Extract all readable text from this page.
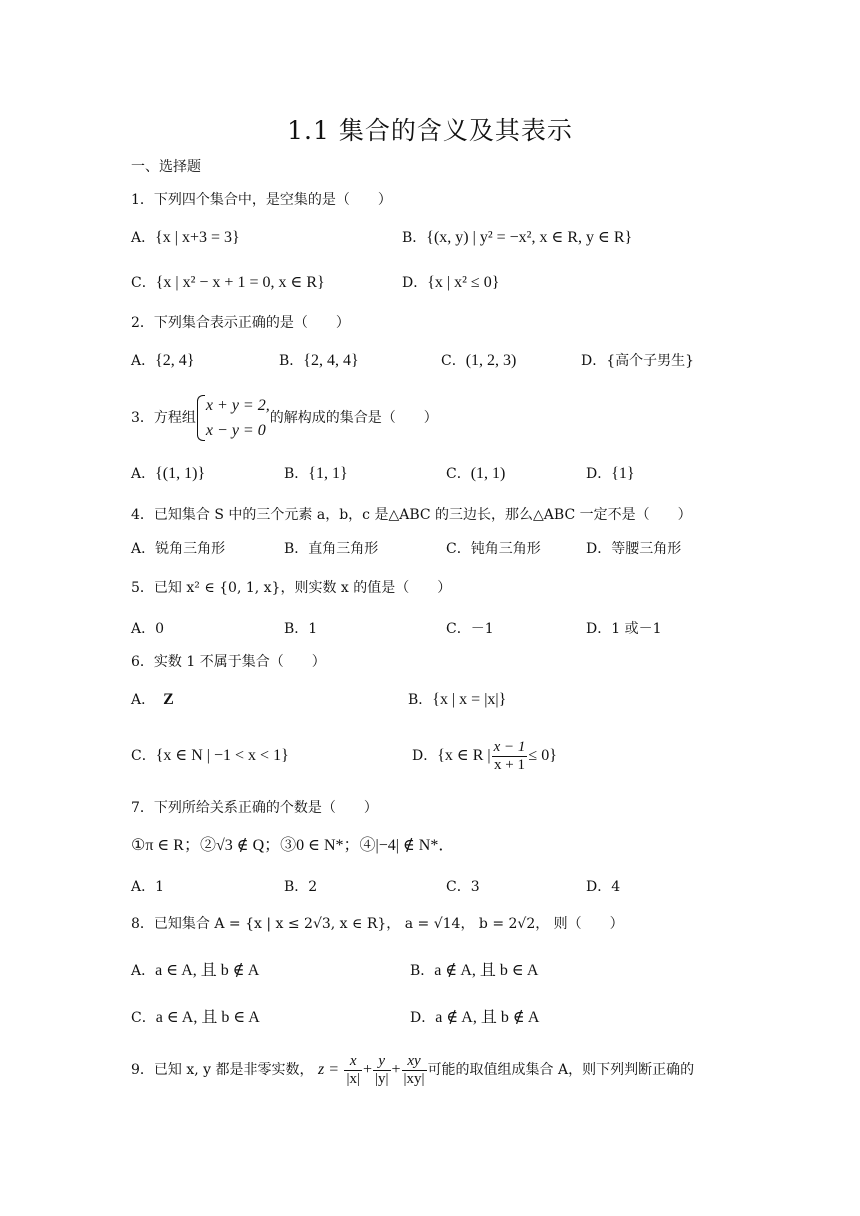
1.1 集合的含义及其表示
一、选择题
1．下列四个集合中，是空集的是（　　）
A．{x | x+3 = 3}	B．{(x, y) | y² = −x², x ∈ R, y ∈ R}
C．{x | x² − x + 1 = 0, x ∈ R}	D．{x | x² ≤ 0}
2．下列集合表示正确的是（　　）
A．{2, 4}	B．{2, 4, 4}	C．(1, 2, 3)	D．{高个子男生}
3．方程组
x + y = 2,
x − y = 0
的解构成的集合是（　　）
A．{(1, 1)}	B．{1, 1}	C．(1, 1)	D．{1}
4．已知集合 S 中的三个元素 a，b，c 是△ABC 的三边长，那么△ABC 一定不是（　　）
A．锐角三角形	B．直角三角形	C．钝角三角形	D．等腰三角形
5．已知 x² ∈ {0, 1, x}，则实数 x 的值是（　　）
A．0	B．1	C．－1	D．1 或－1
6．实数 1 不属于集合（　　）
A． Z	B．{x | x = |x|}
C．{x ∈ N | −1 < x < 1}	D．{x ∈ R | $\frac{x - 1}{x + 1} \le 0$}
7．下列所给关系正确的个数是（　　）
①π ∈ R；②√3 ∉ Q；③0 ∈ N*；④|−4| ∉ N*．
A．1	B．2	C．3	D．4
8．已知集合 A = {x | x ≤ 2√3, x ∈ R}， a = √14， b = 2√2， 则（　　）
A．a ∈ A, 且 b ∉ A	B．a ∉ A, 且 b ∈ A
C．a ∈ A, 且 b ∈ A	D．a ∉ A, 且 b ∉ A
9．已知 x, y 都是非零实数， $z = \frac{x}{|x|} + \frac{y}{|y|} + \frac{xy}{|xy|}$ 可能的取值组成集合 A，则下列判断正确的
